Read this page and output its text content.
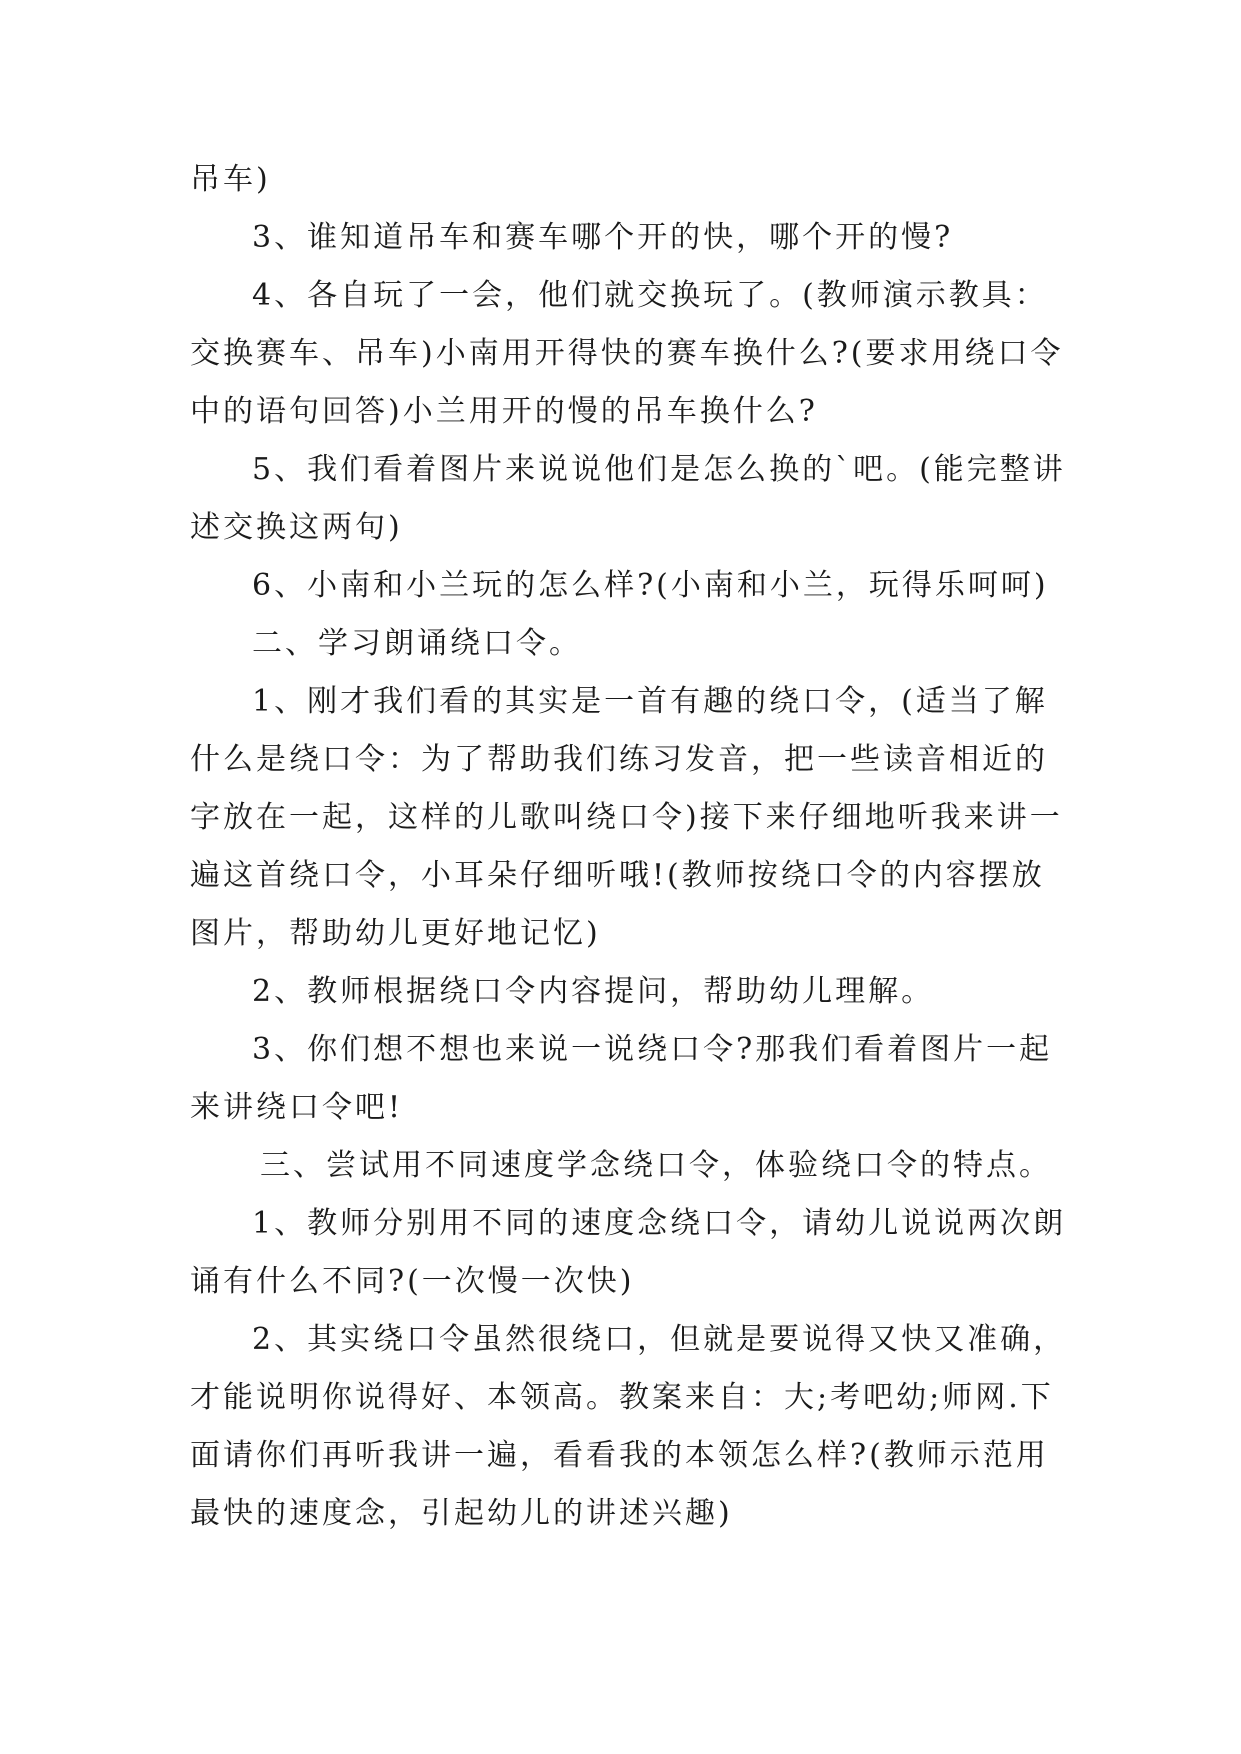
吊车)

3、谁知道吊车和赛车哪个开的快，哪个开的慢?

4、各自玩了一会，他们就交换玩了。(教师演示教具：交换赛车、吊车)小南用开得快的赛车换什么?(要求用绕口令中的语句回答)小兰用开的慢的吊车换什么?

5、我们看着图片来说说他们是怎么换的`吧。(能完整讲述交换这两句)

6、小南和小兰玩的怎么样?(小南和小兰，玩得乐呵呵)

二、学习朗诵绕口令。

1、刚才我们看的其实是一首有趣的绕口令，(适当了解什么是绕口令：为了帮助我们练习发音，把一些读音相近的字放在一起，这样的儿歌叫绕口令)接下来仔细地听我来讲一遍这首绕口令，小耳朵仔细听哦!(教师按绕口令的内容摆放图片，帮助幼儿更好地记忆)

2、教师根据绕口令内容提问，帮助幼儿理解。

3、你们想不想也来说一说绕口令?那我们看着图片一起来讲绕口令吧!

三、尝试用不同速度学念绕口令，体验绕口令的特点。

1、教师分别用不同的速度念绕口令，请幼儿说说两次朗诵有什么不同?(一次慢一次快)

2、其实绕口令虽然很绕口，但就是要说得又快又准确，才能说明你说得好、本领高。教案来自：大;考吧幼;师网.下面请你们再听我讲一遍，看看我的本领怎么样?(教师示范用最快的速度念，引起幼儿的讲述兴趣)
